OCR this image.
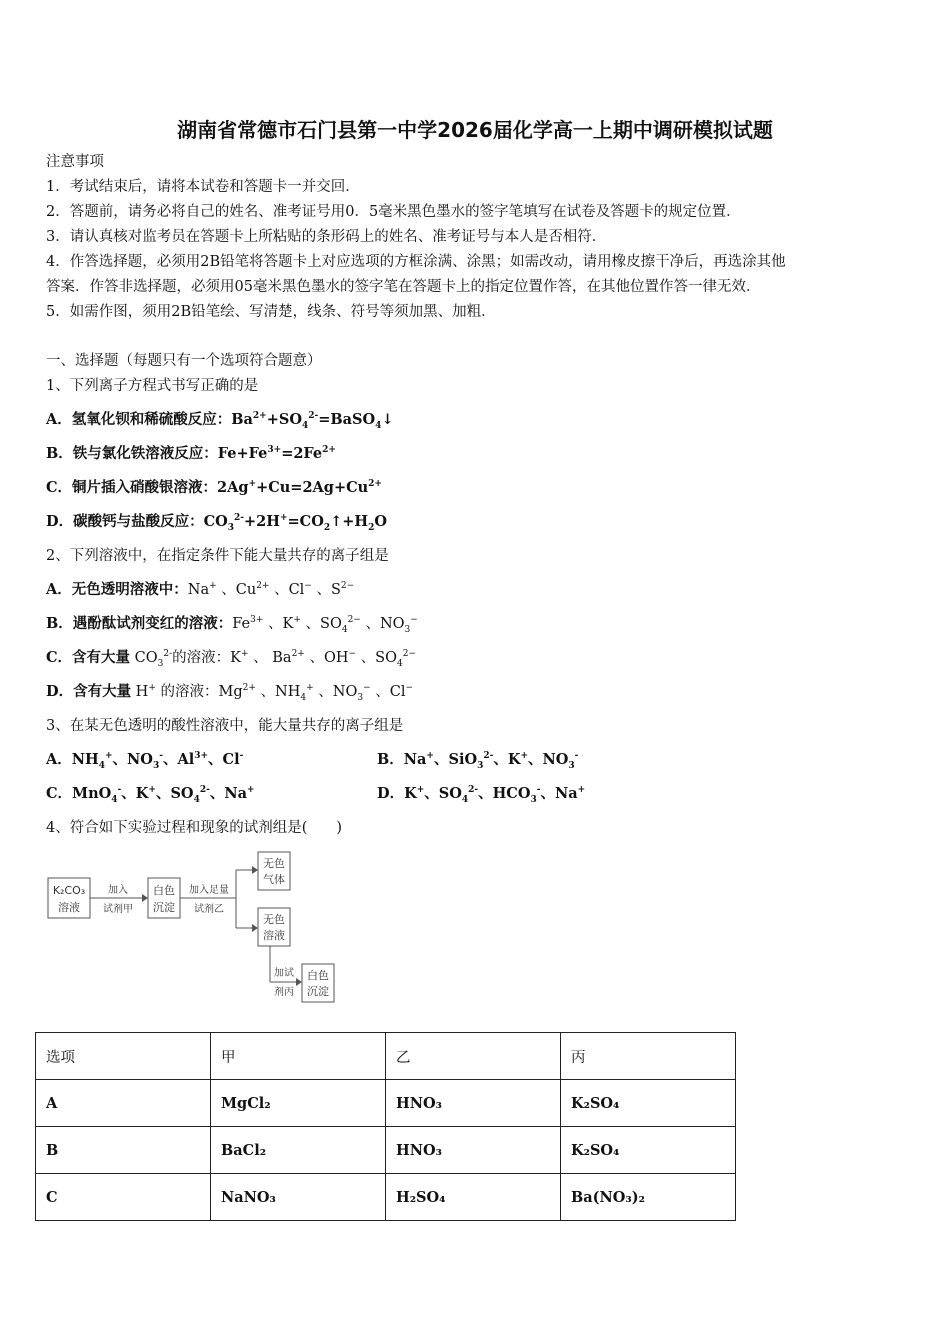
湖南省常德市石门县第一中学2026届化学高一上期中调研模拟试题
注意事项
1．考试结束后，请将本试卷和答题卡一并交回．
2．答题前，请务必将自己的姓名、准考证号用0．5毫米黑色墨水的签字笔填写在试卷及答题卡的规定位置．
3．请认真核对监考员在答题卡上所粘贴的条形码上的姓名、准考证号与本人是否相符．
4．作答选择题，必须用2B铅笔将答题卡上对应选项的方框涂满、涂黑；如需改动，请用橡皮擦干净后，再选涂其他
答案．作答非选择题，必须用05毫米黑色墨水的签字笔在答题卡上的指定位置作答，在其他位置作答一律无效．
5．如需作图，须用2B铅笔绘、写清楚，线条、符号等须加黑、加粗．
一、选择题（每题只有一个选项符合题意）
1、下列离子方程式书写正确的是
A．氢氧化钡和稀硫酸反应：$Ba^{2+}+SO_4^{2-}=BaSO_4↓$
B．铁与氯化铁溶液反应：$Fe+Fe^{3+}=2Fe^{2+}$
C．铜片插入硝酸银溶液：$2Ag^++Cu=2Ag+Cu^{2+}$
D．碳酸钙与盐酸反应：$CO_3^{2-}+2H^+=CO_2↑+H_2O$
2、下列溶液中，在指定条件下能大量共存的离子组是
A．无色透明溶液中：Na+ 、$Cu^{2+}$ 、Cl− 、$S^{2-}$
B．遇酚酞试剂变红的溶液：$Fe^{3+}$ 、K+ 、$SO_4^{2-}$ 、$NO_3^-$
C．含有大量 $CO_3^{2-}$的溶液：K+ 、 $Ba^{2+}$ 、OH− 、$SO_4^{2-}$
D．含有大量 H+ 的溶液：$Mg^{2+}$ 、$NH_4^+$ 、$NO_3^-$ 、Cl−
3、在某无色透明的酸性溶液中，能大量共存的离子组是
A．$NH_4^+$、$NO_3^-$、$Al^{3+}$、Cl-	B．Na+、SiO$_3^{2-}$、K+、$NO_3^-$
C．MnO$_4$-、K+、$SO_4^{2-}$、Na+	D．K+、$SO_4^{2-}$、$HCO_3^-$、Na+
4、符合如下实验过程和现象的试剂组是(　　)
K₂CO₃
溶液
加入
试剂甲
白色
沉淀
加入足量
试剂乙
无色
气体
无色
溶液
加试
剂丙
白色
沉淀
选项	甲	乙	丙
A	MgCl₂	HNO₃	K₂SO₄
B	BaCl₂	HNO₃	K₂SO₄
C	NaNO₃	H₂SO₄	Ba(NO₃)₂
